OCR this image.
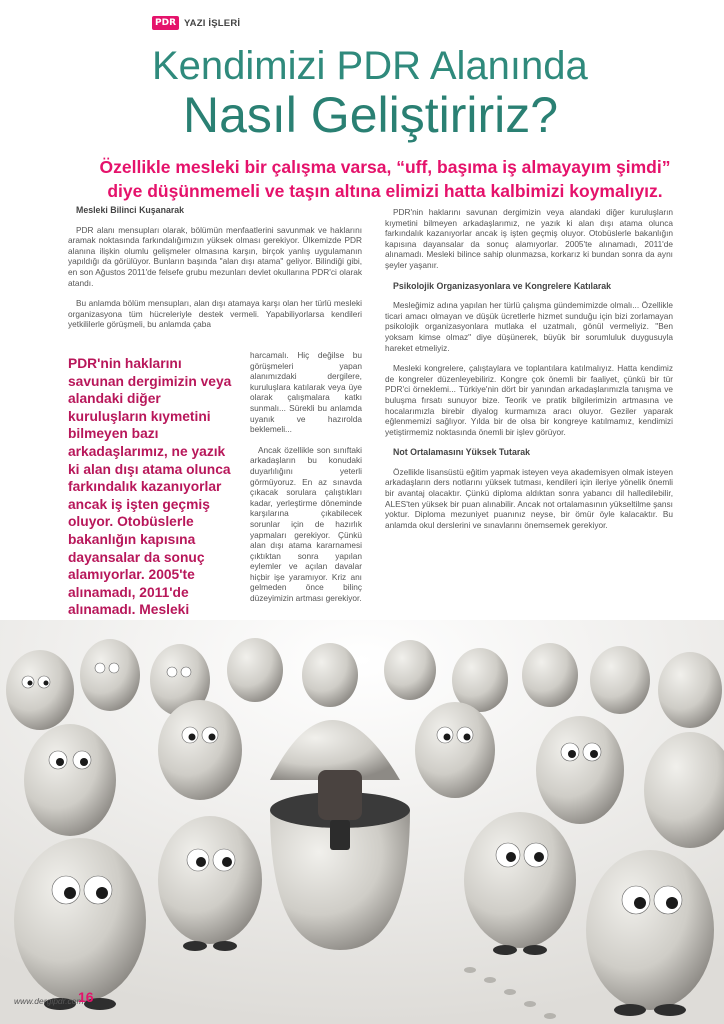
PDR YAZI İŞLERİ
Kendimizi PDR Alanında
Nasıl Geliştiririz?
Özellikle mesleki bir çalışma varsa, “uff, başıma iş almayayım şimdi” diye düşünmemeli ve taşın altına elimizi hatta kalbimizi koymalıyız.
Mesleki Bilinci Kuşanarak

PDR alanı mensupları olarak, bölümün menfaatlerini savunmak ve haklarını aramak noktasında farkındalığımızın yüksek olması gerekiyor. Ülkemizde PDR alanına ilişkin olumlu gelişmeler olmasına karşın, birçok yanlış uygulamanın yapıldığı da görülüyor. Bunların başında "alan dışı atama" geliyor. Bilindiği gibi, en son Ağustos 2011'de felsefe grubu mezunları devlet okullarına PDR'ci olarak atandı.

Bu anlamda bölüm mensupları, alan dışı atamaya karşı olan her türlü mesleki organizasyona tüm hücreleriyle destek vermeli. Yapabiliyorlarsa kendileri yetkililerle görüşmeli, bu anlamda çaba

PDR'nin haklarını savunan dergimizin veya alandaki diğer kuruluşların kıymetini bilmeyen bazı arkadaşlarımız, ne yazık ki alan dışı atama olunca farkındalık kazanıyorlar ancak iş işten geçmiş oluyor. Otobüslerle bakanlığın kapısına dayansalar da sonuç alamıyorlar. 2005'te alınamadı, 2011'de alınamadı. Mesleki

harcamalı. Hiç değilse bu görüşmeleri yapan alanımızdaki dergilere, kuruluşlara katılarak veya üye olarak çalışmalara katkı sunmalı... Sürekli bu anlamda uyanık ve hazırolda beklemeli...

Ancak özellikle son sınıftaki arkadaşların bu konudaki duyarlılığını yeterli görmüyoruz. En az sınavda çıkacak sorulara çalıştıkları kadar, yerleştirme döneminde karşılarına çıkabilecek sorunlar için de hazırlık yapmaları gerekiyor. Çünkü alan dışı atama kararnamesi çıktıktan sonra yapılan eylemler ve açılan davalar hiçbir işe yaramıyor. Kriz anı gelmeden önce bilinç düzeyimizin artması gerekiyor.

PDR'nin haklarını savunan dergimizin veya alandaki diğer kuruluşların kıymetini bilmeyen arkadaşlarımız, ne yazık ki alan dışı atama olunca farkındalık kazanıyorlar ancak iş işten geçmiş oluyor. Otobüslerle bakanlığın kapısına dayansalar da sonuç alamıyorlar. 2005'te alınamadı, 2011'de alınamadı. Mesleki bilince sahip olunmazsa, korkarız ki bundan sonra da aynı şeyler yaşanır.

Psikolojik Organizasyonlara ve Kongrelere Katılarak

Mesleğimiz adına yapılan her türlü çalışma gündemimizde olmalı... Özellikle ticari amacı olmayan ve düşük ücretlerle hizmet sunduğu için bizi zorlamayan psikolojik organizasyonlara mutlaka el uzatmalı, gönül vermeliyiz. "Ben yoksam kimse olmaz" diye düşünerek, büyük bir sorumluluk duygusuyla hareket etmeliyiz.

Mesleki kongrelere, çalıştaylara ve toplantılara katılmalıyız. Hatta kendimiz de kongreler düzenleyebiliriz. Kongre çok önemli bir faaliyet, çünkü bir tür PDR'ci örneklemi... Türkiye'nin dört bir yanından arkadaşlarımızla tanışma ve buluşma fırsatı sunuyor bize. Teorik ve pratik bilgilerimizin artmasına ve hocalarımızla birebir diyalog kurmamıza aracı oluyor. Geziler yaparak eğlenmemizi sağlıyor. Yılda bir de olsa bir kongreye katılmamız, kendimizi yetiştirmemiz noktasında önemli bir işlev görüyor.

Not Ortalamasını Yüksek Tutarak

Özellikle lisansüstü eğitim yapmak isteyen veya akademisyen olmak isteyen arkadaşların ders notlarını yüksek tutması, kendileri için ileriye yönelik önemli bir avantaj olacaktır. Çünkü diploma aldıktan sonra yabancı dil halledilebilir, ALES'ten yüksek bir puan alınabilir. Ancak not ortalamasının yükseltilme şansı yoktur. Diploma mezuniyet puanınız neyse, bir ömür öyle kalacaktır. Bu anlamda okul derslerini ve sınavlarını önemsemek gerekiyor.

www.dergipdr.com
16
